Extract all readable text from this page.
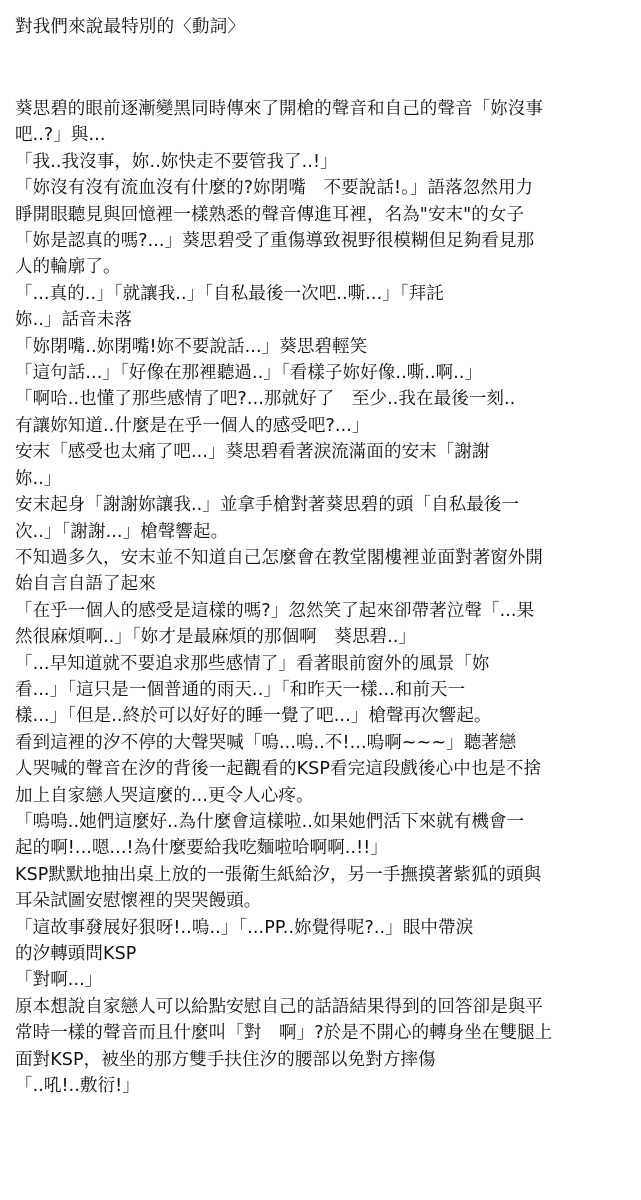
對我們來說最特別的〈動詞〉
葵思碧的眼前逐漸變黑同時傳來了開槍的聲音和自己的聲音「妳沒事
吧..?」與...
「我..我沒事，妳..妳快走不要管我了..!」
「妳沒有沒有流血沒有什麼的?妳閉嘴　不要說話!。」語落忽然用力
睜開眼聽見與回憶裡一樣熟悉的聲音傳進耳裡，名為"安末"的女子
「妳是認真的嗎?...」葵思碧受了重傷導致視野很模糊但足夠看見那
人的輪廓了。
「...真的..」「就讓我..」「自私最後一次吧..嘶...」「拜託
妳..」話音未落
「妳閉嘴..妳閉嘴!妳不要說話...」葵思碧輕笑
「這句話...」「好像在那裡聽過..」「看樣子妳好像..嘶..啊..」
「啊哈..也懂了那些感情了吧?...那就好了　至少..我在最後一刻..
有讓妳知道..什麼是在乎一個人的感受吧?...」
安末「感受也太痛了吧...」葵思碧看著淚流滿面的安末「謝謝
妳..」
安末起身「謝謝妳讓我..」並拿手槍對著葵思碧的頭「自私最後一
次..」「謝謝...」槍聲響起。
不知過多久，安末並不知道自己怎麼會在教堂閣樓裡並面對著窗外開
始自言自語了起來
「在乎一個人的感受是這樣的嗎?」忽然笑了起來卻帶著泣聲「...果
然很麻煩啊..」「妳才是最麻煩的那個啊　葵思碧..」
「...早知道就不要追求那些感情了」看著眼前窗外的風景「妳
看...」「這只是一個普通的雨天..」「和昨天一樣...和前天一
樣...」「但是..終於可以好好的睡一覺了吧...」槍聲再次響起。
看到這裡的汐不停的大聲哭喊「嗚...嗚..不!...嗚啊~~~」聽著戀
人哭喊的聲音在汐的背後一起觀看的KSP看完這段戲後心中也是不捨
加上自家戀人哭這麼的...更令人心疼。
「嗚嗚..她們這麼好..為什麼會這樣啦..如果她們活下來就有機會一
起的啊!...嗯...!為什麼要給我吃麵啦哈啊啊..!!」
KSP默默地抽出桌上放的一張衛生紙給汐，另一手撫摸著紫狐的頭與
耳朵試圖安慰懷裡的哭哭饅頭。
「這故事發展好狠呀!..嗚..」「...PP..妳覺得呢?..」眼中帶淚
的汐轉頭問KSP
「對啊...」
原本想說自家戀人可以給點安慰自己的話語結果得到的回答卻是與平
常時一樣的聲音而且什麼叫「對　啊」?於是不開心的轉身坐在雙腿上
面對KSP，被坐的那方雙手扶住汐的腰部以免對方摔傷
「..吼!..敷衍!」
